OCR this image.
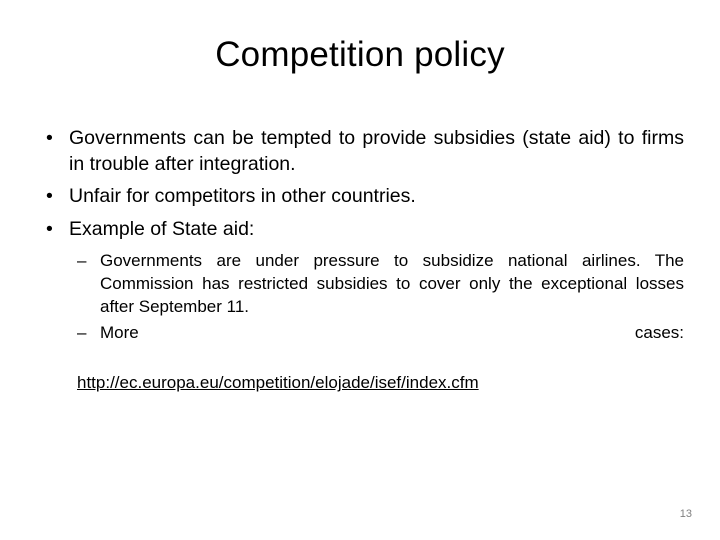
Competition policy
• Governments can be tempted to provide subsidies (state aid) to firms in trouble after integration.
• Unfair for competitors in other countries.
• Example of State aid:
– Governments are under pressure to subsidize national airlines. The Commission has restricted subsidies to cover only the exceptional losses after September 11.
– More	cases:
http://ec.europa.eu/competition/elojade/isef/index.cfm
13
